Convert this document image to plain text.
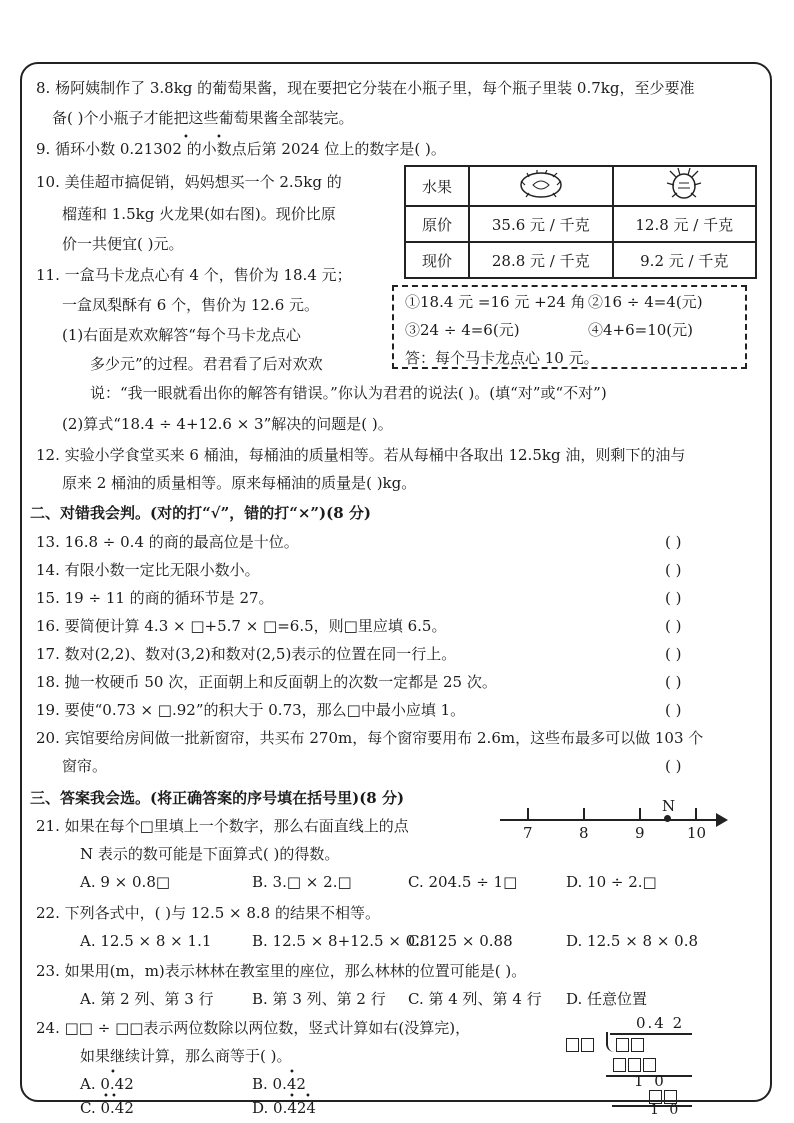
8. 杨阿姨制作了 3.8kg 的葡萄果酱，现在要把它分装在小瓶子里，每个瓶子里装 0.7kg，至少要准
备( )个小瓶子才能把这些葡萄果酱全部装完。
9. 循环小数 0.21302 的小数点后第 2024 位上的数字是( )。
•	•
10. 美佳超市搞促销，妈妈想买一个 2.5kg 的
榴莲和 1.5kg 火龙果(如右图)。现价比原
价一共便宜( )元。
水果		
原价	35.6 元 / 千克	12.8 元 / 千克
现价	28.8 元 / 千克	9.2 元 / 千克
11. 一盒马卡龙点心有 4 个，售价为 18.4 元；
一盒凤梨酥有 6 个，售价为 12.6 元。
(1)右面是欢欢解答“每个马卡龙点心
多少元”的过程。君君看了后对欢欢
说：“我一眼就看出你的解答有错误。”你认为君君的说法( )。(填“对”或“不对”)
(2)算式“18.4 ÷ 4+12.6 × 3”解决的问题是( )。
①18.4 元 =16 元 +24 角 ②16 ÷ 4=4(元)
③24 ÷ 4=6(元)	④4+6=10(元)
答：每个马卡龙点心 10 元。
12. 实验小学食堂买来 6 桶油，每桶油的质量相等。若从每桶中各取出 12.5kg 油，则剩下的油与
原来 2 桶油的质量相等。原来每桶油的质量是( )kg。
二、对错我会判。(对的打“√”，错的打“×”)(8 分)
13. 16.8 ÷ 0.4 的商的最高位是十位。	( )
14. 有限小数一定比无限小数小。	( )
15. 19 ÷ 11 的商的循环节是 27。	( )
16. 要简便计算 4.3 × □+5.7 × □=6.5，则□里应填 6.5。	( )
17. 数对(2,2)、数对(3,2)和数对(2,5)表示的位置在同一行上。	( )
18. 抛一枚硬币 50 次，正面朝上和反面朝上的次数一定都是 25 次。	( )
19. 要使“0.73 × □.92”的积大于 0.73，那么□中最小应填 1。	( )
20. 宾馆要给房间做一批新窗帘，共买布 270m，每个窗帘要用布 2.6m，这些布最多可以做 103 个
窗帘。	( )
三、答案我会选。(将正确答案的序号填在括号里)(8 分)
21. 如果在每个□里填上一个数字，那么右面直线上的点
N 表示的数可能是下面算式( )的得数。
A. 9 × 0.8□	B. 3.□ × 2.□	C. 204.5 ÷ 1□	D. 10 ÷ 2.□
7	8	9	10
N
22. 下列各式中，( )与 12.5 × 8.8 的结果不相等。
A. 12.5 × 8 × 1.1	B. 12.5 × 8+12.5 × 0.8
C. 125 × 0.88	D. 12.5 × 8 × 0.8
23. 如果用(m，m)表示林林在教室里的座位，那么林林的位置可能是( )。
A. 第 2 列、第 3 行	B. 第 3 列、第 2 行 C. 第 4 列、第 4 行 D. 任意位置
24. □□ ÷ □□表示两位数除以两位数，竖式计算如右(没算完)，
如果继续计算，那么商等于( )。
A. 0.42	B. 0.42
C. 0.42	D. 0.424
•
• •
•
• •
0.4 2
1 0
1 0
